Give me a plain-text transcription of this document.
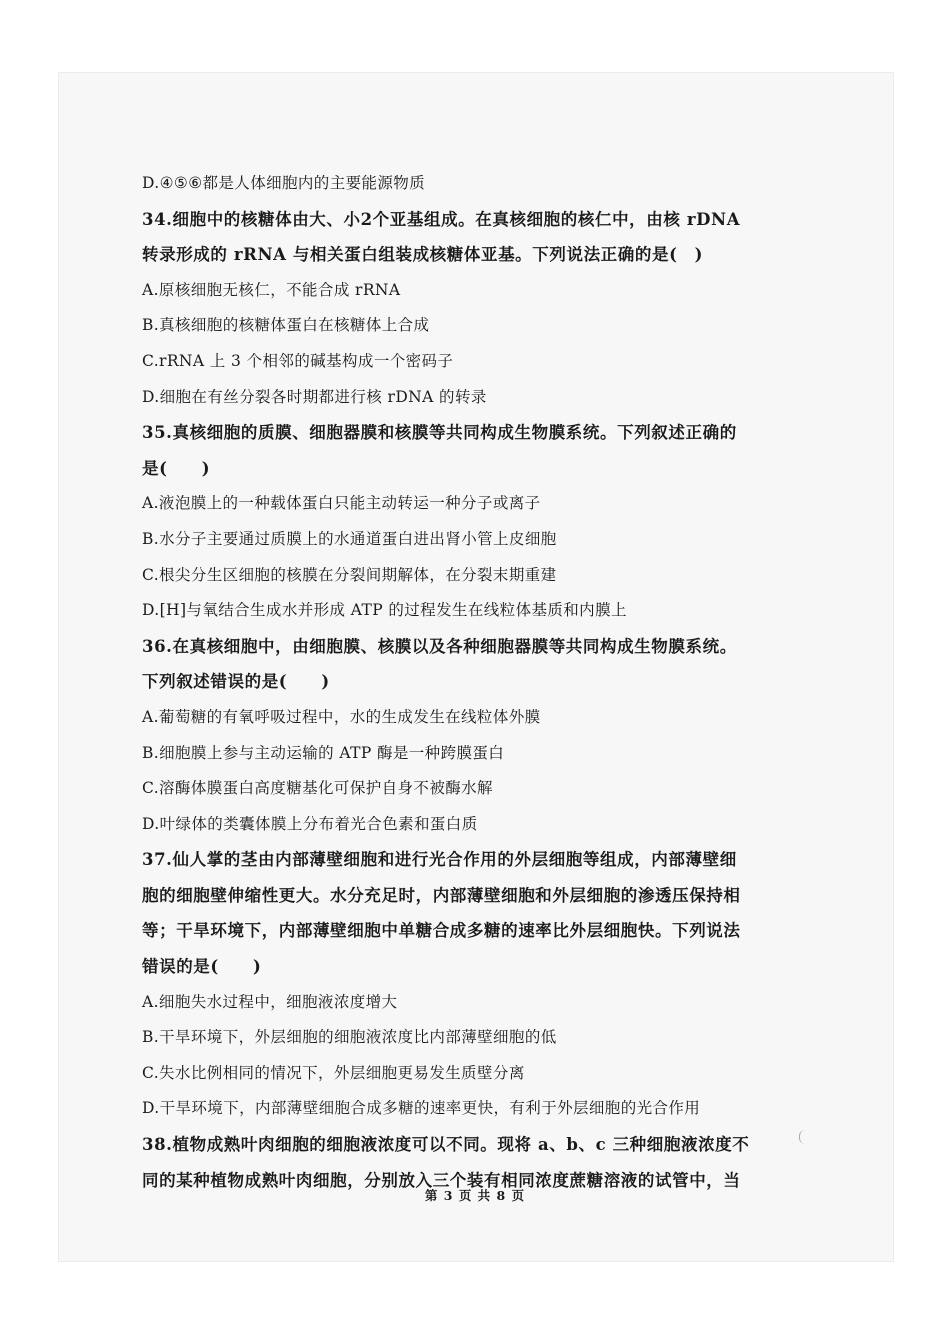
D.④⑤⑥都是人体细胞内的主要能源物质
34.细胞中的核糖体由大、小2个亚基组成。在真核细胞的核仁中，由核 rDNA
转录形成的 rRNA 与相关蛋白组装成核糖体亚基。下列说法正确的是(　)
A.原核细胞无核仁，不能合成 rRNA
B.真核细胞的核糖体蛋白在核糖体上合成
C.rRNA 上 3 个相邻的碱基构成一个密码子
D.细胞在有丝分裂各时期都进行核 rDNA 的转录
35.真核细胞的质膜、细胞器膜和核膜等共同构成生物膜系统。下列叙述正确的
是(　　)
A.液泡膜上的一种载体蛋白只能主动转运一种分子或离子
B.水分子主要通过质膜上的水通道蛋白进出肾小管上皮细胞
C.根尖分生区细胞的核膜在分裂间期解体，在分裂末期重建
D.[H]与氧结合生成水并形成 ATP 的过程发生在线粒体基质和内膜上
36.在真核细胞中，由细胞膜、核膜以及各种细胞器膜等共同构成生物膜系统。
下列叙述错误的是(　　)
A.葡萄糖的有氧呼吸过程中，水的生成发生在线粒体外膜
B.细胞膜上参与主动运输的 ATP 酶是一种跨膜蛋白
C.溶酶体膜蛋白高度糖基化可保护自身不被酶水解
D.叶绿体的类囊体膜上分布着光合色素和蛋白质
37.仙人掌的茎由内部薄壁细胞和进行光合作用的外层细胞等组成，内部薄壁细
胞的细胞壁伸缩性更大。水分充足时，内部薄壁细胞和外层细胞的渗透压保持相
等；干旱环境下，内部薄壁细胞中单糖合成多糖的速率比外层细胞快。下列说法
错误的是(　　)
A.细胞失水过程中，细胞液浓度增大
B.干旱环境下，外层细胞的细胞液浓度比内部薄壁细胞的低
C.失水比例相同的情况下，外层细胞更易发生质壁分离
D.干旱环境下，内部薄壁细胞合成多糖的速率更快，有利于外层细胞的光合作用
38.植物成熟叶肉细胞的细胞液浓度可以不同。现将 a、b、c 三种细胞液浓度不
同的某种植物成熟叶肉细胞，分别放入三个装有相同浓度蔗糖溶液的试管中，当
第 3 页 共 8 页
